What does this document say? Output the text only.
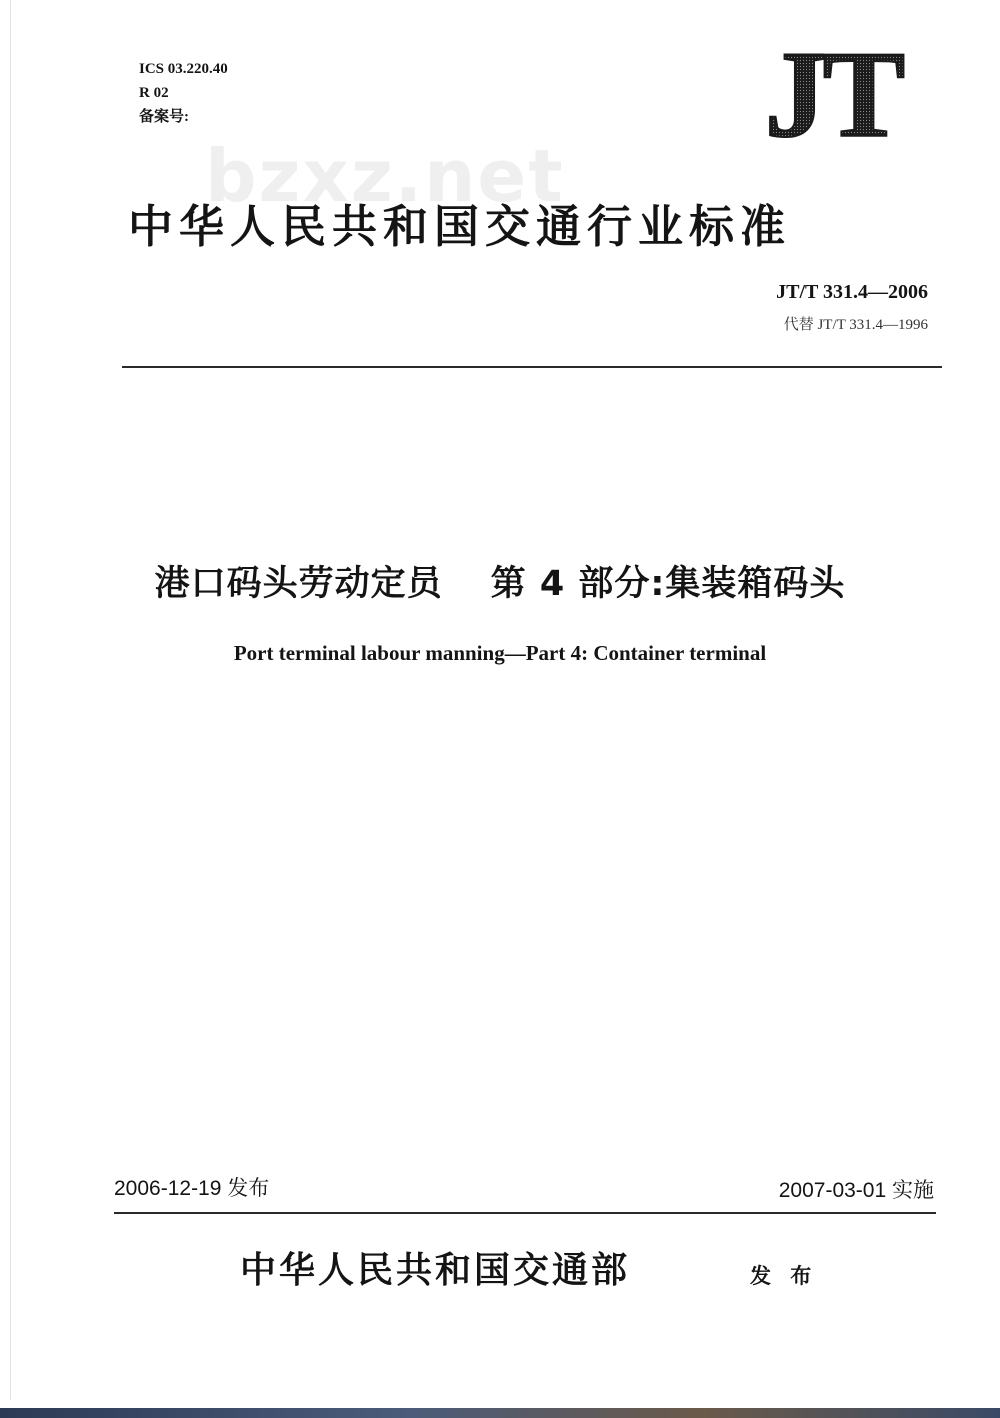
ICS 03.220.40
R 02
备案号:	JT
bzxz.net
中华人民共和国交通行业标准
JT/T 331.4—2006
代替 JT/T 331.4—1996
港口码头劳动定员 第 4 部分:集装箱码头
Port terminal labour manning—Part 4: Container terminal
2006-12-19 发布	2007-03-01 实施
中华人民共和国交通部	发 布
